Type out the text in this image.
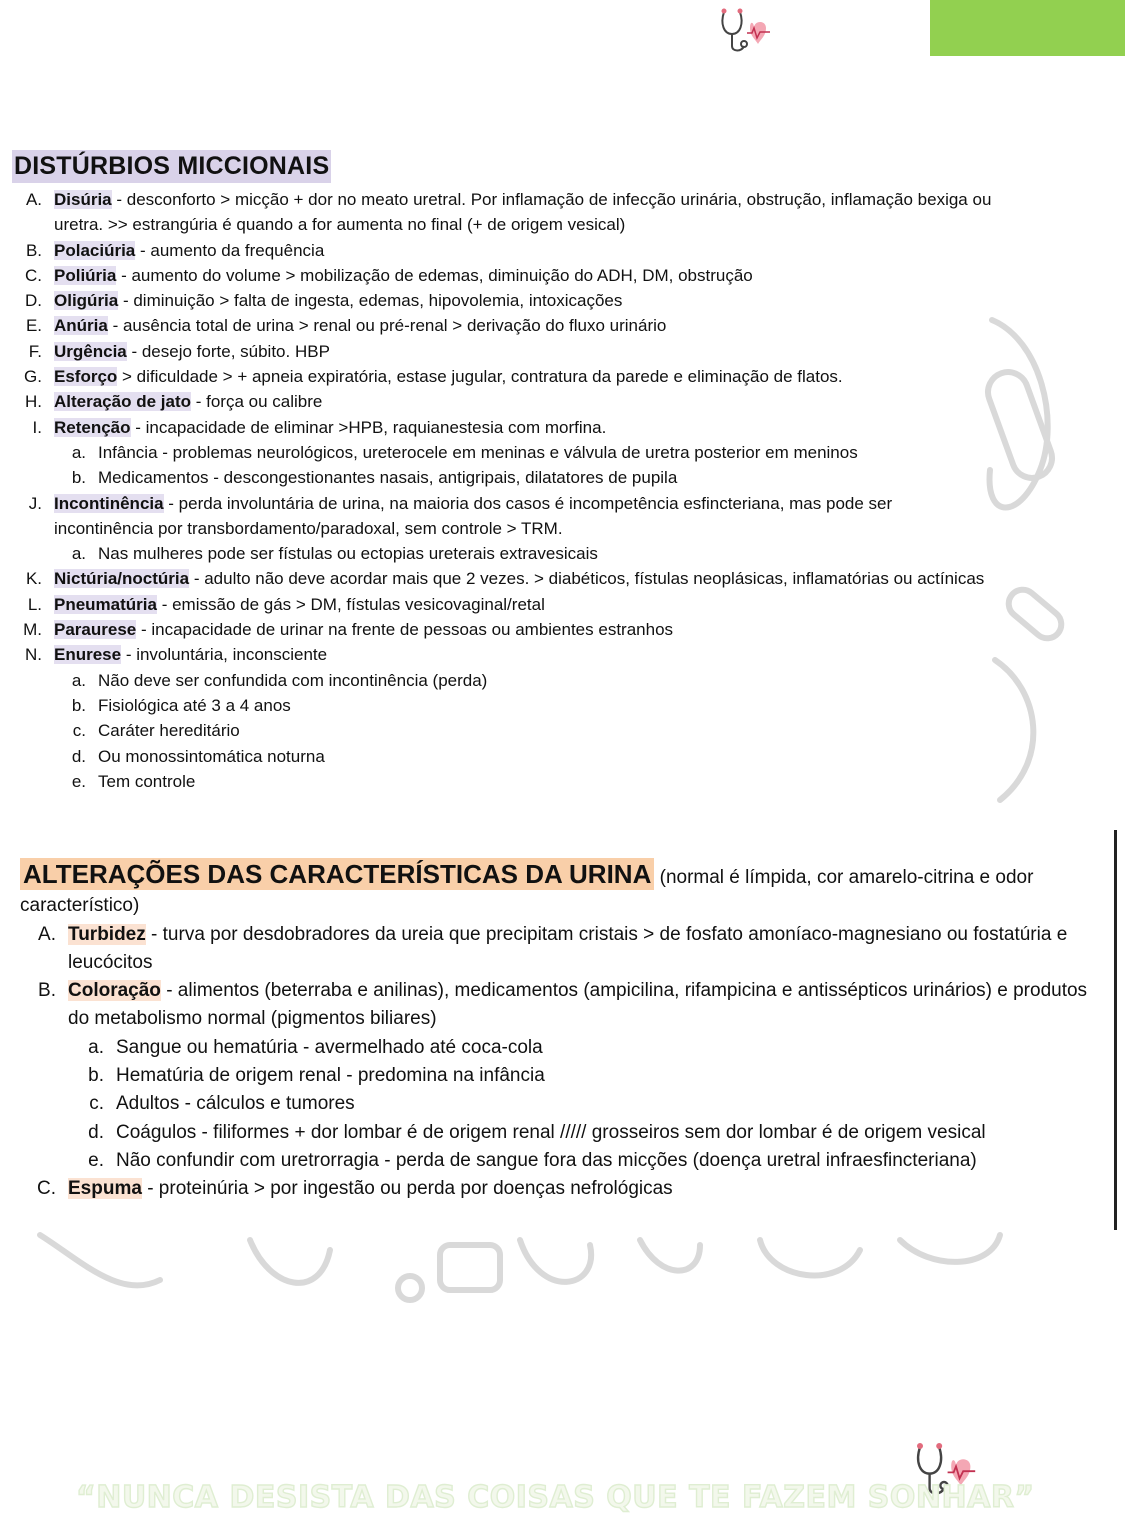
DISTÚRBIOS MICCIONAIS
A. Disúria - desconforto > micção + dor no meato uretral. Por inflamação de infecção urinária, obstrução, inflamação bexiga ou uretra. >> estrangúria é quando a for aumenta no final (+ de origem vesical)
B. Polaciúria - aumento da frequência
C. Poliúria - aumento do volume > mobilização de edemas, diminuição do ADH, DM, obstrução
D. Oligúria - diminuição > falta de ingesta, edemas, hipovolemia, intoxicações
E. Anúria - ausência total de urina > renal ou pré-renal > derivação do fluxo urinário
F. Urgência - desejo forte, súbito. HBP
G. Esforço > dificuldade > + apneia expiratória, estase jugular, contratura da parede e eliminação de flatos.
H. Alteração de jato - força ou calibre
I. Retenção - incapacidade de eliminar >HPB, raquianestesia com morfina.
a. Infância - problemas neurológicos, ureterocele em meninas e válvula de uretra posterior em meninos
b. Medicamentos - descongestionantes nasais, antigripais, dilatatores de pupila
J. Incontinência - perda involuntária de urina, na maioria dos casos é incompetência esfincteriana, mas pode ser incontinência por transbordamento/paradoxal, sem controle > TRM.
a. Nas mulheres pode ser fístulas ou ectopias ureterais extravesicais
K. Nictúria/noctúria - adulto não deve acordar mais que 2 vezes. > diabéticos, fístulas neoplásicas, inflamatórias ou actínicas
L. Pneumatúria - emissão de gás > DM, fístulas vesicovaginal/retal
M. Paraurese - incapacidade de urinar na frente de pessoas ou ambientes estranhos
N. Enurese - involuntária, inconsciente
a. Não deve ser confundida com incontinência (perda)
b. Fisiológica até 3 a 4 anos
c. Caráter hereditário
d. Ou monossintomática noturna
e. Tem controle
ALTERAÇÕES DAS CARACTERÍSTICAS DA URINA (normal é límpida, cor amarelo-citrina e odor característico)
A. Turbidez - turva por desdobradores da ureia que precipitam cristais > de fosfato amoníaco-magnesiano ou fostatúria e leucócitos
B. Coloração - alimentos (beterraba e anilinas), medicamentos (ampicilina, rifampicina e antissépticos urinários) e produtos do metabolismo normal (pigmentos biliares)
a. Sangue ou hematúria - avermelhado até coca-cola
b. Hematúria de origem renal - predomina na infância
c. Adultos - cálculos e tumores
d. Coágulos - filiformes + dor lombar é de origem renal ///// grosseiros sem dor lombar é de origem vesical
e. Não confundir com uretrorragia - perda de sangue fora das micções (doença uretral infraesfincteriana)
C. Espuma - proteinúria > por ingestão ou perda por doenças nefrológicas
“NUNCA DESISTA DAS COISAS QUE TE FAZEM SONHAR”
